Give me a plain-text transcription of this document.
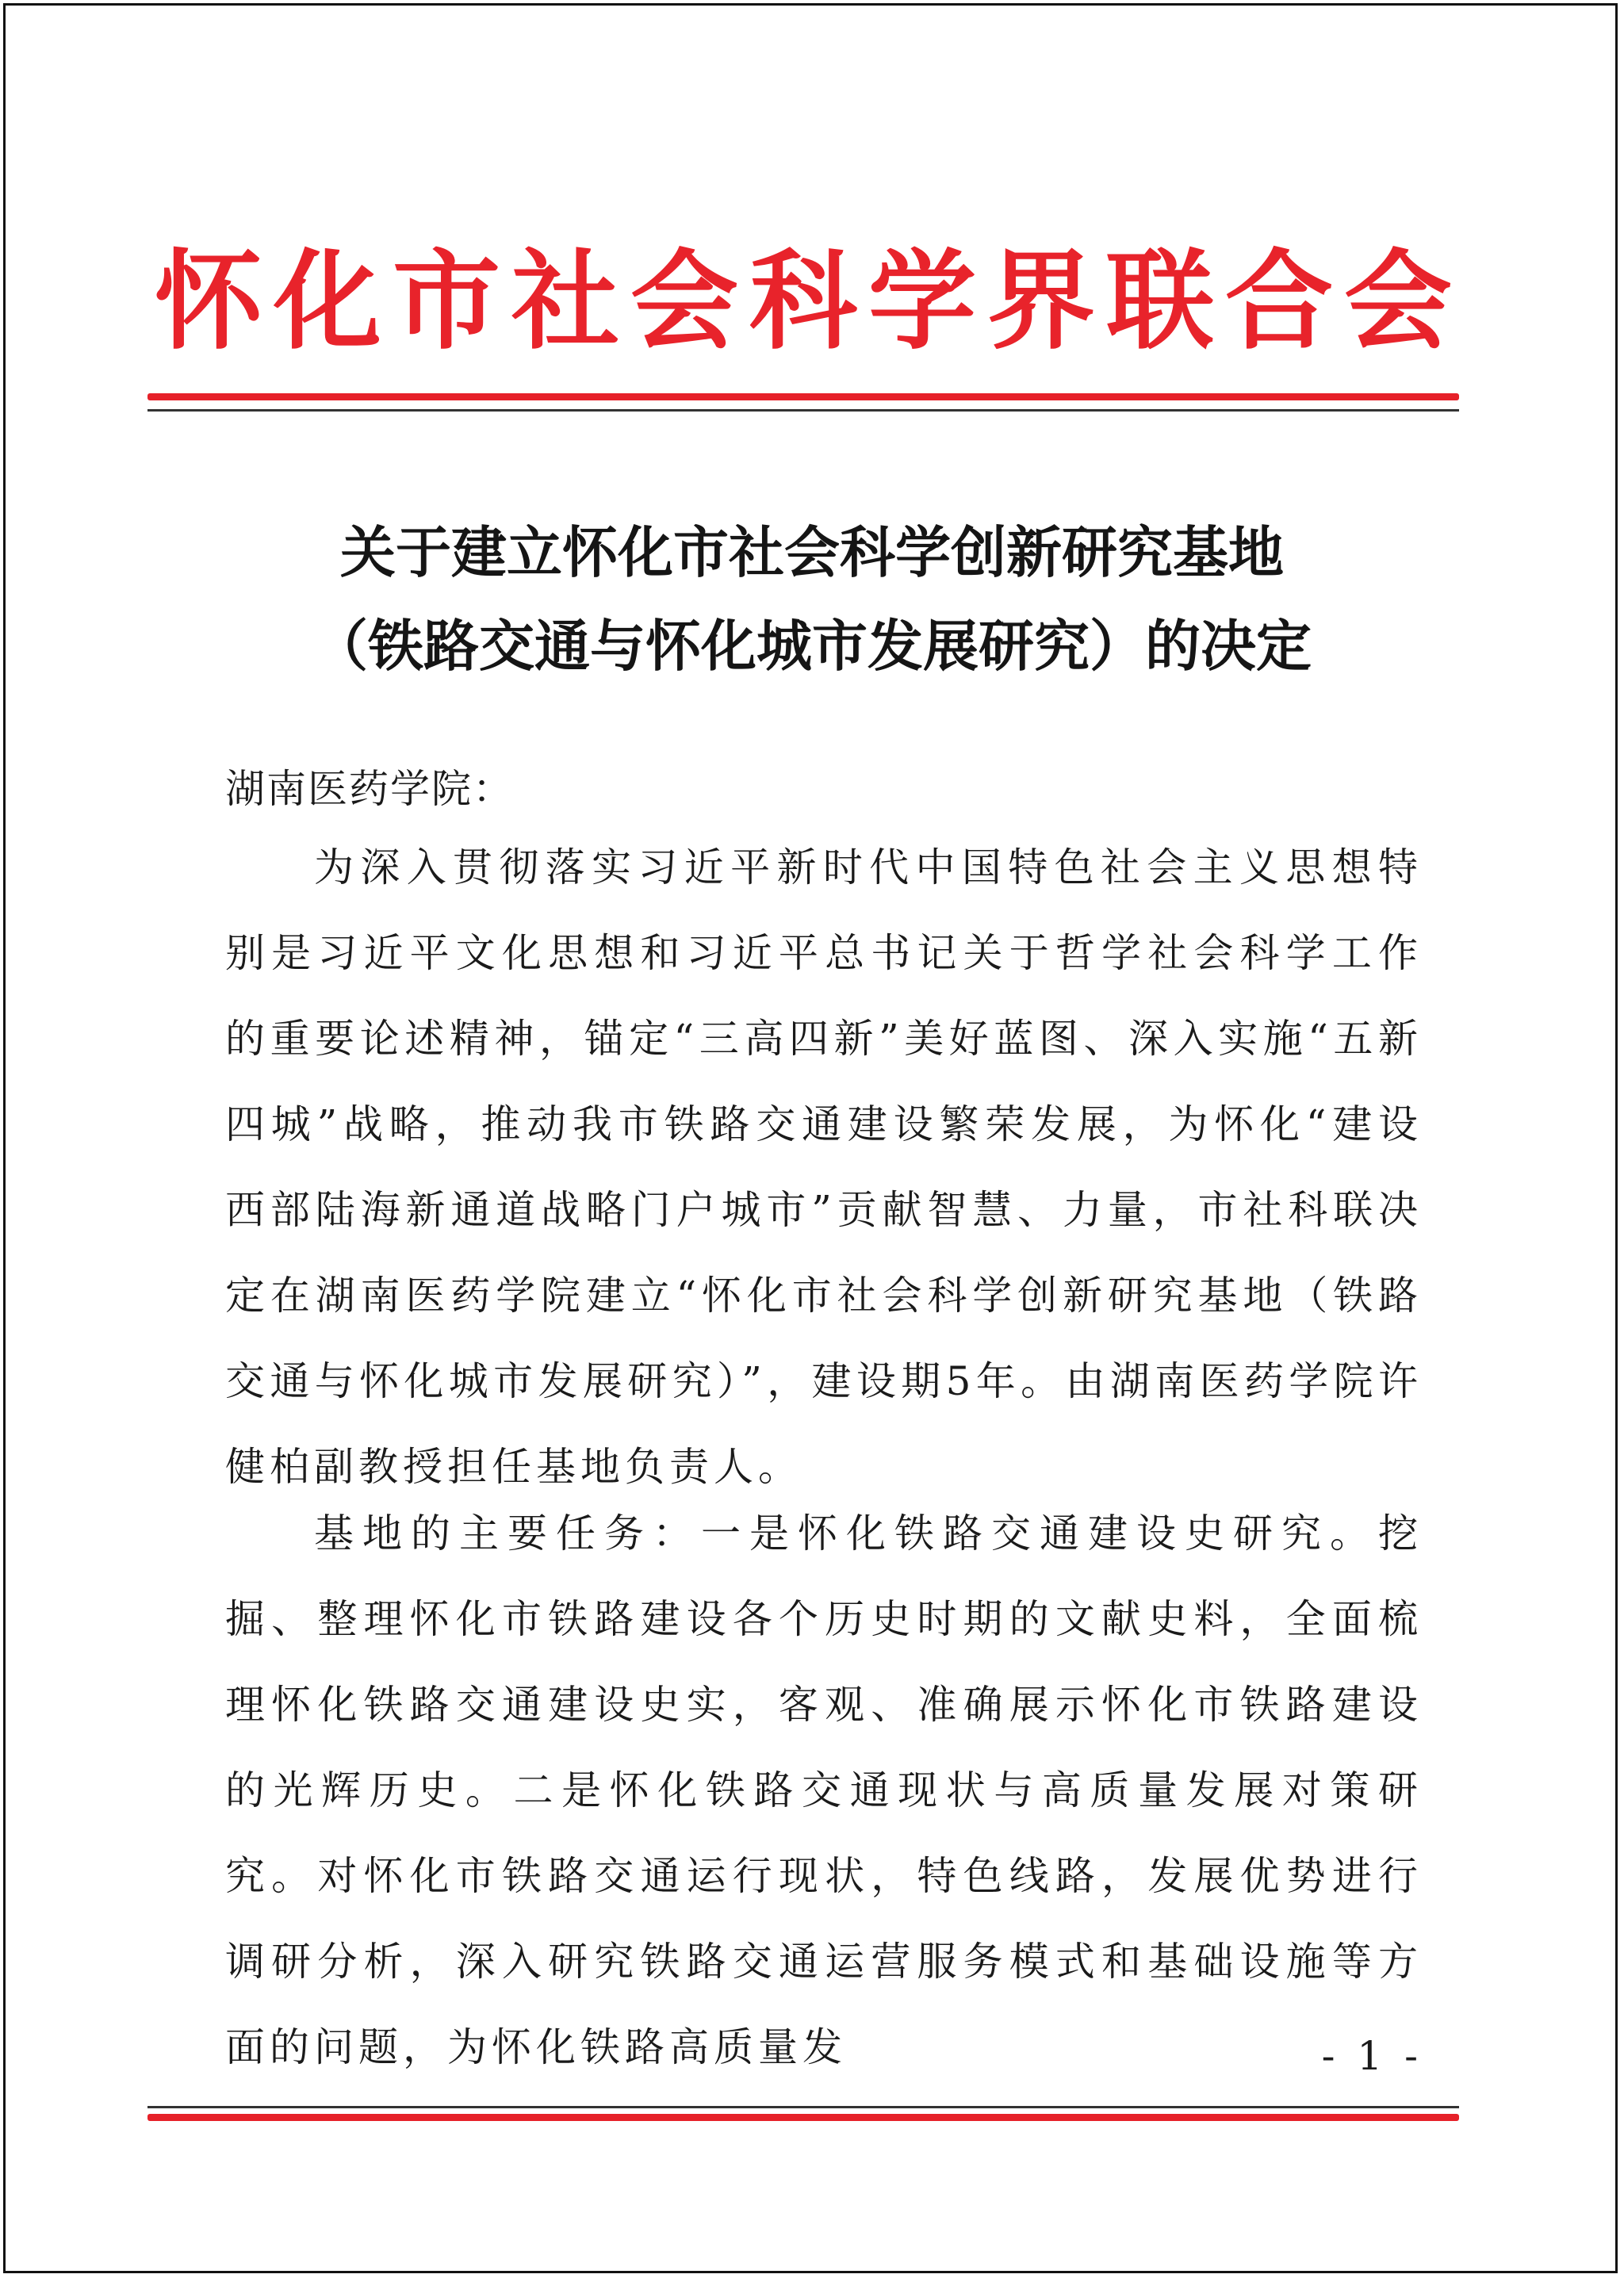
怀化市社会科学界联合会
关于建立怀化市社会科学创新研究基地
（铁路交通与怀化城市发展研究）的决定
湖南医药学院：
为深入贯彻落实习近平新时代中国特色社会主义思想特别是习近平文化思想和习近平总书记关于哲学社会科学工作的重要论述精神，锚定“三高四新”美好蓝图、深入实施“五新四城”战略，推动我市铁路交通建设繁荣发展，为怀化“建设西部陆海新通道战略门户城市”贡献智慧、力量，市社科联决定在湖南医药学院建立“怀化市社会科学创新研究基地（铁路交通与怀化城市发展研究）”，建设期5年。由湖南医药学院许健柏副教授担任基地负责人。
基地的主要任务：一是怀化铁路交通建设史研究。挖掘、整理怀化市铁路建设各个历史时期的文献史料，全面梳理怀化铁路交通建设史实，客观、准确展示怀化市铁路建设的光辉历史。二是怀化铁路交通现状与高质量发展对策研究。对怀化市铁路交通运行现状，特色线路，发展优势进行调研分析，深入研究铁路交通运营服务模式和基础设施等方面的问题，为怀化铁路高质量发	- 1 -
